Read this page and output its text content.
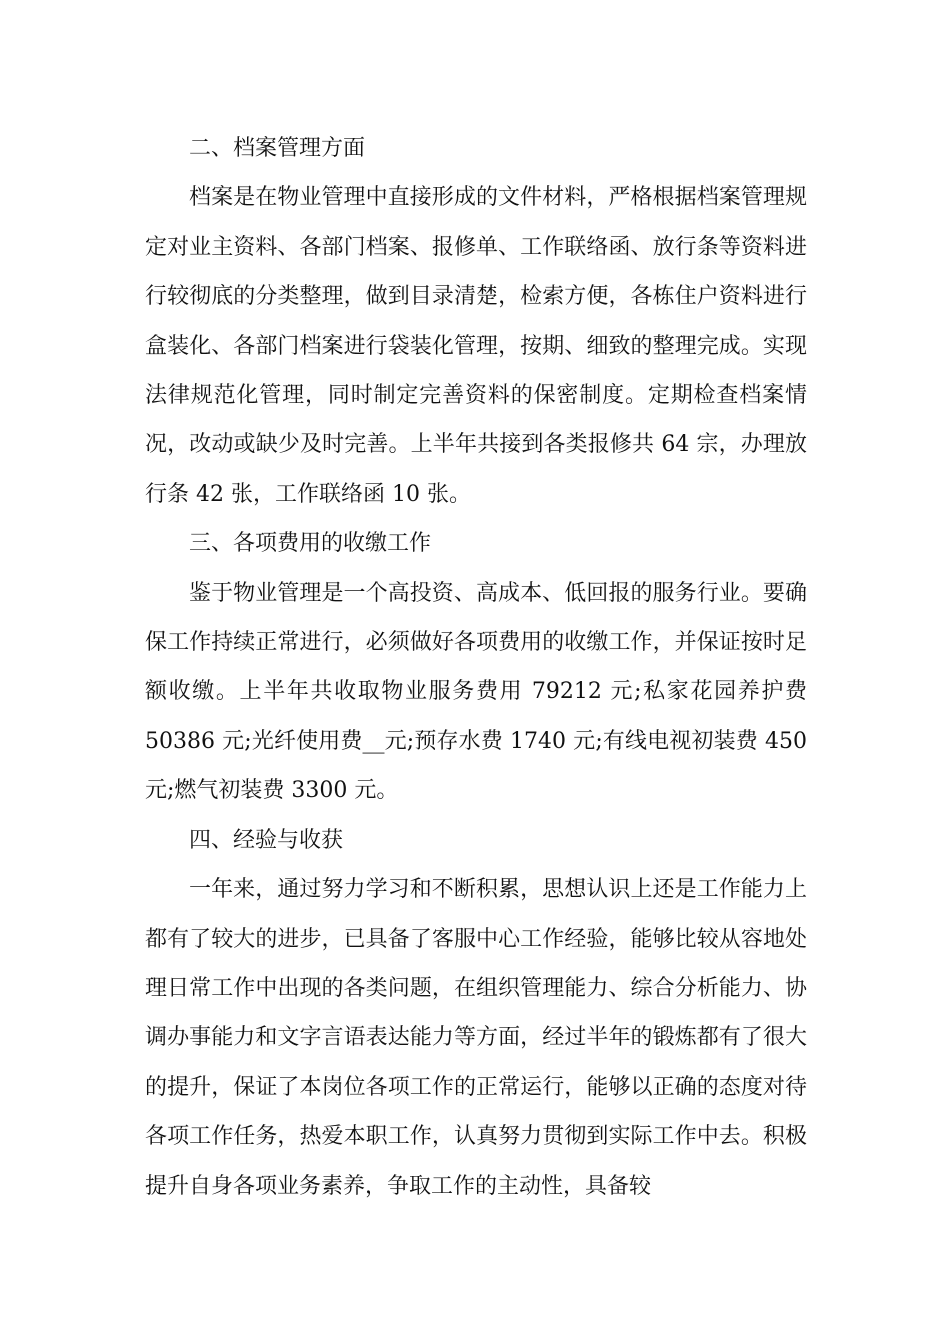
二、档案管理方面

档案是在物业管理中直接形成的文件材料，严格根据档案管理规定对业主资料、各部门档案、报修单、工作联络函、放行条等资料进行较彻底的分类整理，做到目录清楚，检索方便，各栋住户资料进行盒装化、各部门档案进行袋装化管理，按期、细致的整理完成。实现法律规范化管理，同时制定完善资料的保密制度。定期检查档案情况，改动或缺少及时完善。上半年共接到各类报修共 64 宗，办理放行条 42 张，工作联络函 10 张。

三、各项费用的收缴工作

鉴于物业管理是一个高投资、高成本、低回报的服务行业。要确保工作持续正常进行，必须做好各项费用的收缴工作，并保证按时足额收缴。上半年共收取物业服务费用 79212 元;私家花园养护费 50386 元;光纤使用费__元;预存水费 1740 元;有线电视初装费 450 元;燃气初装费 3300 元。

四、经验与收获

一年来，通过努力学习和不断积累，思想认识上还是工作能力上都有了较大的进步，已具备了客服中心工作经验，能够比较从容地处理日常工作中出现的各类问题，在组织管理能力、综合分析能力、协调办事能力和文字言语表达能力等方面，经过半年的锻炼都有了很大的提升，保证了本岗位各项工作的正常运行，能够以正确的态度对待各项工作任务，热爱本职工作，认真努力贯彻到实际工作中去。积极提升自身各项业务素养，争取工作的主动性，具备较
